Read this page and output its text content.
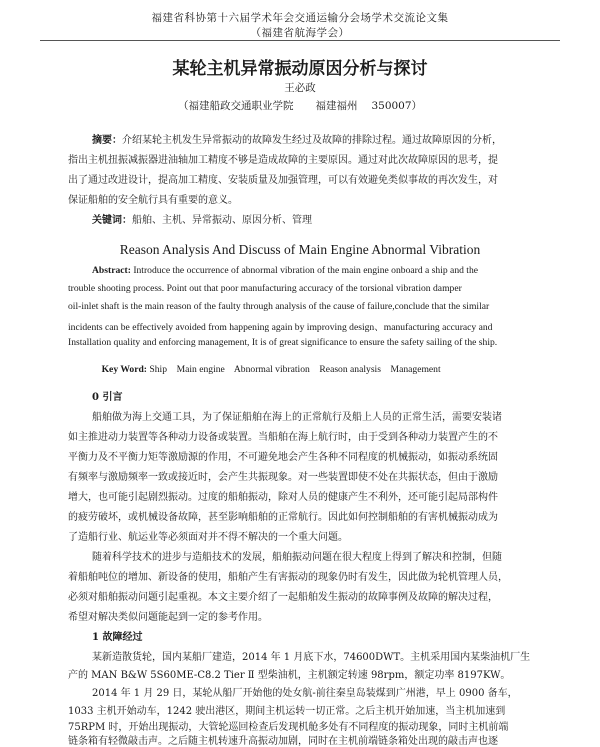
福建省科协第十六届学术年会交通运输分会场学术交流论文集
（福建省航海学会）
某轮主机异常振动原因分析与探讨
王必政
（福建船政交通职业学院 福建福州 350007）
摘要：介绍某轮主机发生异常振动的故障发生经过及故障的排除过程。通过故障原因的分析，
指出主机扭振减振器进油轴加工精度不够是造成故障的主要原因。通过对此次故障原因的思考，提
出了通过改进设计，提高加工精度、安装质量及加强管理，可以有效避免类似事故的再次发生，对
保证船舶的安全航行具有重要的意义。
关键词：船舶、主机、异常振动、原因分析、管理
Reason Analysis And Discuss of Main Engine Abnormal Vibration
Abstract: Introduce the occurrence of abnormal vibration of the main engine onboard a ship and the
trouble shooting process. Point out that poor manufacturing accuracy of the torsional vibration damper
oil-inlet shaft is the main reason of the faulty through analysis of the cause of failure,conclude that the similar
incidents can be effectively avoided from happening again by improving design、manufacturing accuracy and
Installation quality and enforcing management, It is of great significance to ensure the safety sailing of the ship.

Key Word: Ship    Main engine    Abnormal vibration    Reason analysis    Management

0 引言
船舶做为海上交通工具，为了保证船舶在海上的正常航行及船上人员的正常生活，需要安装诸
如主推进动力装置等各种动力设备或装置。当船舶在海上航行时，由于受到各种动力装置产生的不
平衡力及不平衡力矩等激励源的作用，不可避免地会产生各种不同程度的机械振动，如振动系统固
有频率与激励频率一致或接近时，会产生共振现象。对一些装置即使不处在共振状态，但由于激励
增大，也可能引起剧烈振动。过度的船舶振动，除对人员的健康产生不利外，还可能引起局部构件
的疲劳破坏，或机械设备故障，甚至影响船舶的正常航行。因此如何控制船舶的有害机械振动成为
了造船行业、航运业等必须面对并不得不解决的一个重大问题。
随着科学技术的进步与造船技术的发展，船舶振动问题在很大程度上得到了解决和控制，但随
着船舶吨位的增加、新设备的使用，船舶产生有害振动的现象仍时有发生，因此做为轮机管理人员，
必须对船舶振动问题引起重视。本文主要介绍了一起船舶发生振动的故障事例及故障的解决过程，
希望对解决类似问题能起到一定的参考作用。
1 故障经过
某新造散货轮，国内某船厂建造，2014 年 1 月底下水，74600DWT。主机采用国内某柴油机厂生
产的 MAN B&W 5S60ME-C8.2 Tier Ⅱ 型柴油机，主机额定转速 98rpm，额定功率 8197KW。
2014 年 1 月 29 日，某轮从船厂开始他的处女航-前往秦皇岛装煤到广州港，早上 0900 备车，
1033 主机开始动车，1242 驶出港区，期间主机运转一切正常。之后主机开始加速，当主机加速到
75RPM 时，开始出现振动，大管轮巡回检查后发现机舱多处有不同程度的振动现象，同时主机前端
链条箱有轻微敲击声。之后随主机转速升高振动加剧，同时在主机前端链条箱处出现的敲击声也逐
